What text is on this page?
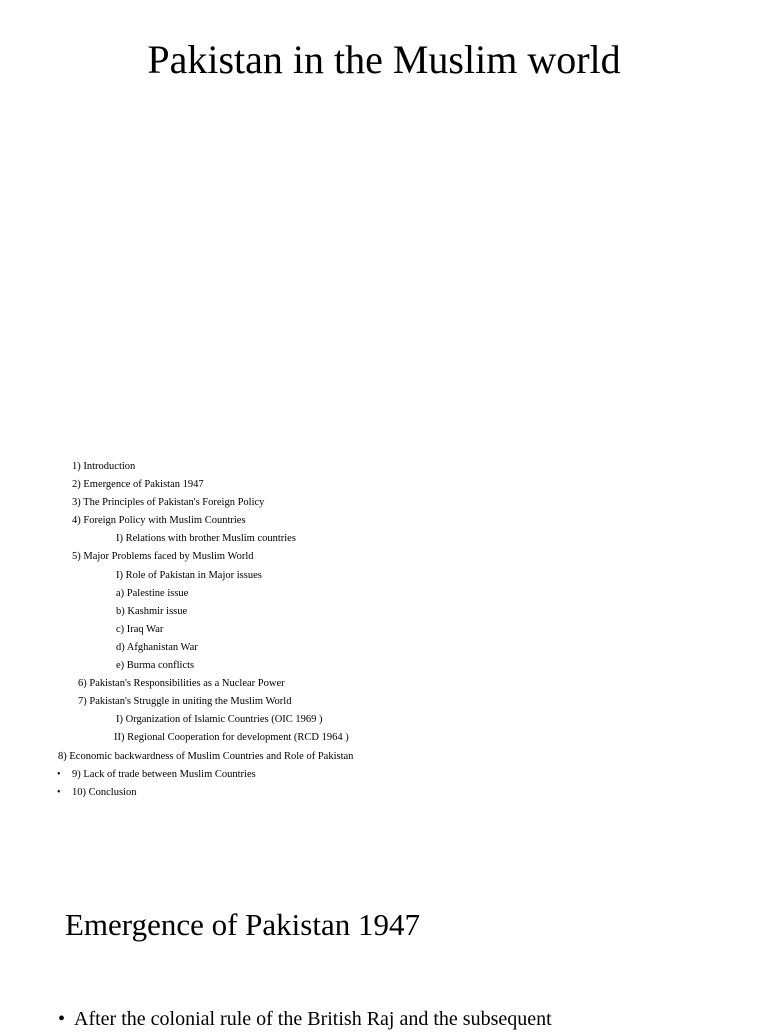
Pakistan in the Muslim world
1) Introduction
2) Emergence of Pakistan 1947
3) The Principles of Pakistan's Foreign Policy
4) Foreign Policy with Muslim Countries
I) Relations with brother Muslim countries
5) Major Problems faced by Muslim World
I) Role of Pakistan in Major issues
a) Palestine issue
b) Kashmir issue
c) Iraq War
d) Afghanistan War
e) Burma conflicts
6) Pakistan's Responsibilities as a Nuclear Power
7) Pakistan's Struggle in uniting the Muslim World
I) Organization of Islamic Countries (OIC 1969 )
II) Regional Cooperation for development (RCD 1964 )
8) Economic backwardness of Muslim Countries and Role of Pakistan
• 9) Lack of trade between Muslim Countries
• 10) Conclusion
Emergence of Pakistan 1947
• After the colonial rule of the British Raj and the subsequent
